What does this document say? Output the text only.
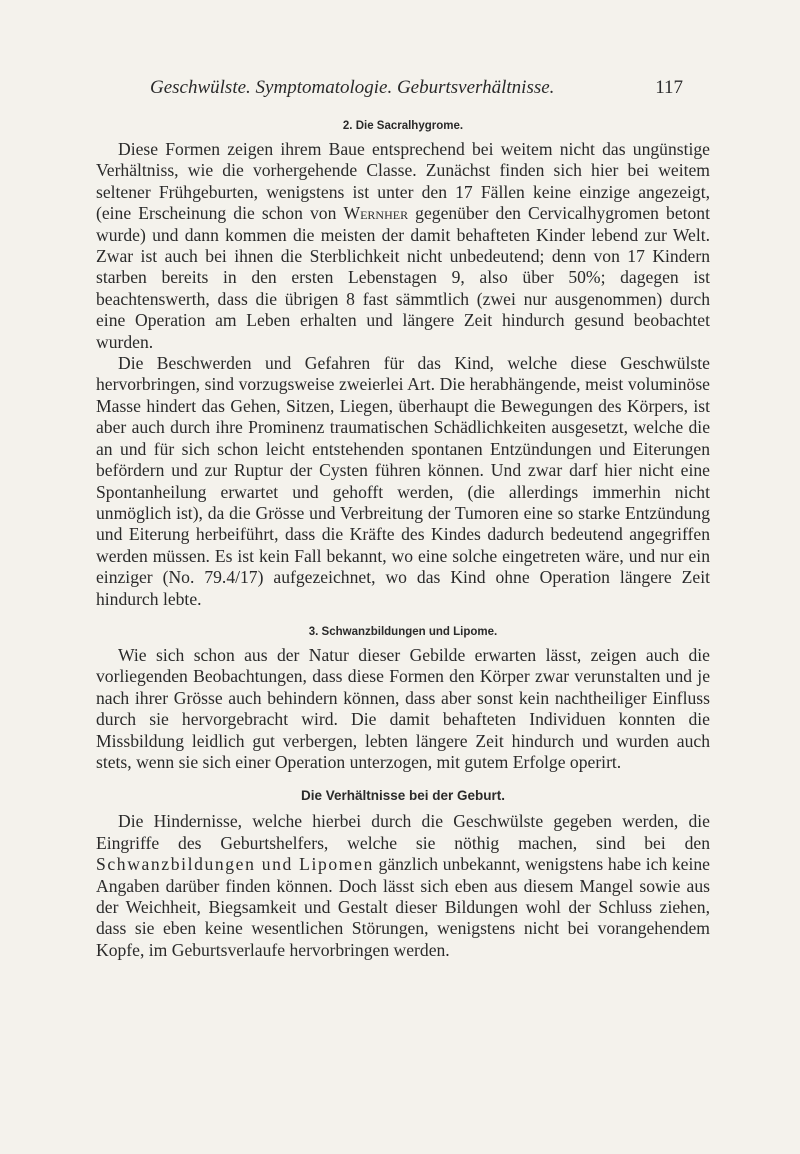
Geschwülste. Symptomatologie. Geburtsverhältnisse.	117
2. Die Sacralhygrome.

Diese Formen zeigen ihrem Baue entsprechend bei weitem nicht das ungünstige Verhältniss, wie die vorhergehende Classe. Zunächst finden sich hier bei weitem seltener Frühgeburten, wenigstens ist unter den 17 Fällen keine einzige angezeigt, (eine Erscheinung die schon von Wernher gegenüber den Cervicalhygromen betont wurde) und dann kommen die meisten der damit behafteten Kinder lebend zur Welt. Zwar ist auch bei ihnen die Sterblichkeit nicht unbedeutend; denn von 17 Kindern starben bereits in den ersten Lebenstagen 9, also über 50%; dagegen ist beachtenswerth, dass die übrigen 8 fast sämmtlich (zwei nur ausgenommen) durch eine Operation am Leben erhalten und längere Zeit hindurch gesund beobachtet wurden.

Die Beschwerden und Gefahren für das Kind, welche diese Geschwülste hervorbringen, sind vorzugsweise zweierlei Art. Die herabhängende, meist voluminöse Masse hindert das Gehen, Sitzen, Liegen, überhaupt die Bewegungen des Körpers, ist aber auch durch ihre Prominenz traumatischen Schädlichkeiten ausgesetzt, welche die an und für sich schon leicht entstehenden spontanen Entzündungen und Eiterungen befördern und zur Ruptur der Cysten führen können. Und zwar darf hier nicht eine Spontanheilung erwartet und gehofft werden, (die allerdings immerhin nicht unmöglich ist), da die Grösse und Verbreitung der Tumoren eine so starke Entzündung und Eiterung herbeiführt, dass die Kräfte des Kindes dadurch bedeutend angegriffen werden müssen. Es ist kein Fall bekannt, wo eine solche eingetreten wäre, und nur ein einziger (No. 79.4/17) aufgezeichnet, wo das Kind ohne Operation längere Zeit hindurch lebte.

3. Schwanzbildungen und Lipome.

Wie sich schon aus der Natur dieser Gebilde erwarten lässt, zeigen auch die vorliegenden Beobachtungen, dass diese Formen den Körper zwar verunstalten und je nach ihrer Grösse auch behindern können, dass aber sonst kein nachtheiliger Einfluss durch sie hervorgebracht wird. Die damit behafteten Individuen konnten die Missbildung leidlich gut verbergen, lebten längere Zeit hindurch und wurden auch stets, wenn sie sich einer Operation unterzogen, mit gutem Erfolge operirt.

Die Verhältnisse bei der Geburt.

Die Hindernisse, welche hierbei durch die Geschwülste gegeben werden, die Eingriffe des Geburtshelfers, welche sie nöthig machen, sind bei den Schwanzbildungen und Lipomen gänzlich unbekannt, wenigstens habe ich keine Angaben darüber finden können. Doch lässt sich eben aus diesem Mangel sowie aus der Weichheit, Biegsamkeit und Gestalt dieser Bildungen wohl der Schluss ziehen, dass sie eben keine wesentlichen Störungen, wenigstens nicht bei vorangehendem Kopfe, im Geburtsverlaufe hervorbringen werden.
